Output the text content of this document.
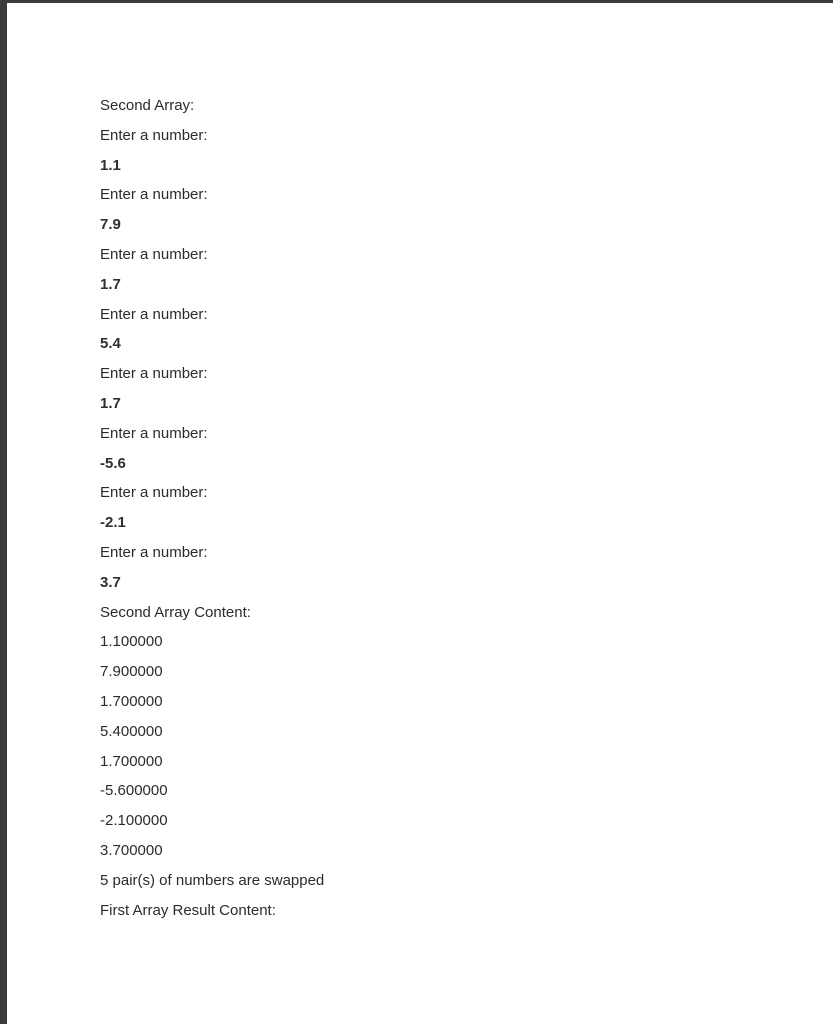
Second Array:
Enter a number:
1.1
Enter a number:
7.9
Enter a number:
1.7
Enter a number:
5.4
Enter a number:
1.7
Enter a number:
-5.6
Enter a number:
-2.1
Enter a number:
3.7
Second Array Content:
1.100000
7.900000
1.700000
5.400000
1.700000
-5.600000
-2.100000
3.700000
5 pair(s) of numbers are swapped
First Array Result Content:
